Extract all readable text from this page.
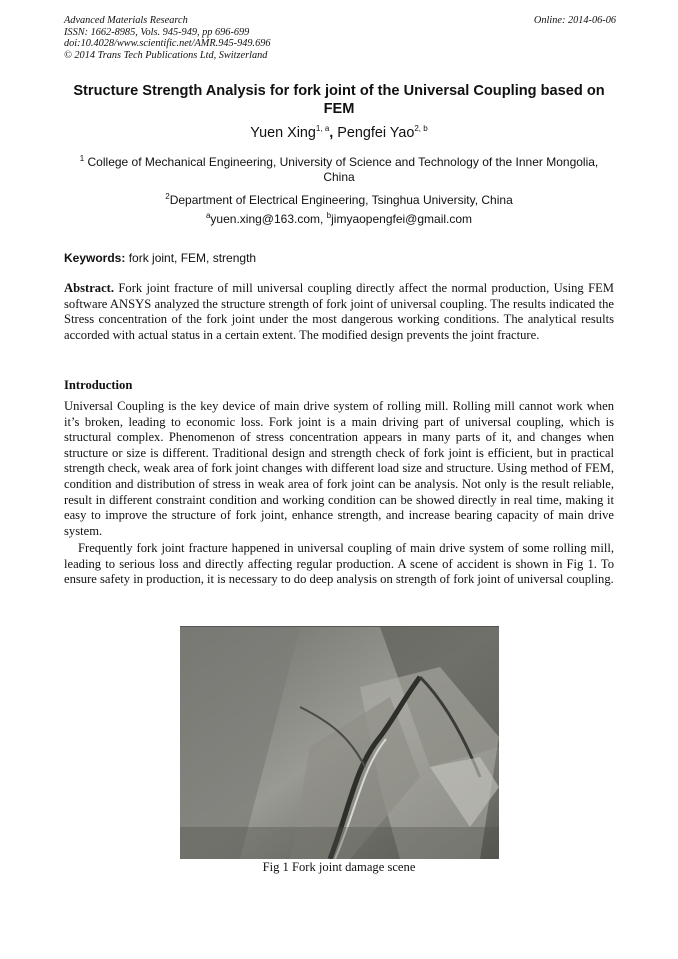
Advanced Materials Research
ISSN: 1662-8985, Vols. 945-949, pp 696-699
doi:10.4028/www.scientific.net/AMR.945-949.696
© 2014 Trans Tech Publications Ltd, Switzerland
Online: 2014-06-06
Structure Strength Analysis for fork joint of the Universal Coupling based on FEM
Yuen Xing$^{1, a}$, Pengfei Yao$^{2, b}$
$^1$ College of Mechanical Engineering, University of Science and Technology of the Inner Mongolia, China
$^2$Department of Electrical Engineering, Tsinghua University, China
$^a$yuen.xing@163.com, $^b$jimyaopengfei@gmail.com
Keywords: fork joint, FEM, strength
Abstract. Fork joint fracture of mill universal coupling directly affect the normal production, Using FEM software ANSYS analyzed the structure strength of fork joint of universal coupling. The results indicated the Stress concentration of the fork joint under the most dangerous working conditions. The analytical results accorded with actual status in a certain extent. The modified design prevents the joint fracture.
Introduction
Universal Coupling is the key device of main drive system of rolling mill. Rolling mill cannot work when it’s broken, leading to economic loss. Fork joint is a main driving part of universal coupling, which is structural complex. Phenomenon of stress concentration appears in many parts of it, and changes when structure or size is different. Traditional design and strength check of fork joint is efficient, but in practical strength check, weak area of fork joint changes with different load size and structure. Using method of FEM, condition and distribution of stress in weak area of fork joint can be analysis. Not only is the result reliable, result in different constraint condition and working condition can be showed directly in real time, making it easy to improve the structure of fork joint, enhance strength, and increase bearing capacity of main drive system.
Frequently fork joint fracture happened in universal coupling of main drive system of some rolling mill, leading to serious loss and directly affecting regular production. A scene of accident is shown in Fig 1. To ensure safety in production, it is necessary to do deep analysis on strength of fork joint of universal coupling.
Fig 1 Fork joint damage scene
